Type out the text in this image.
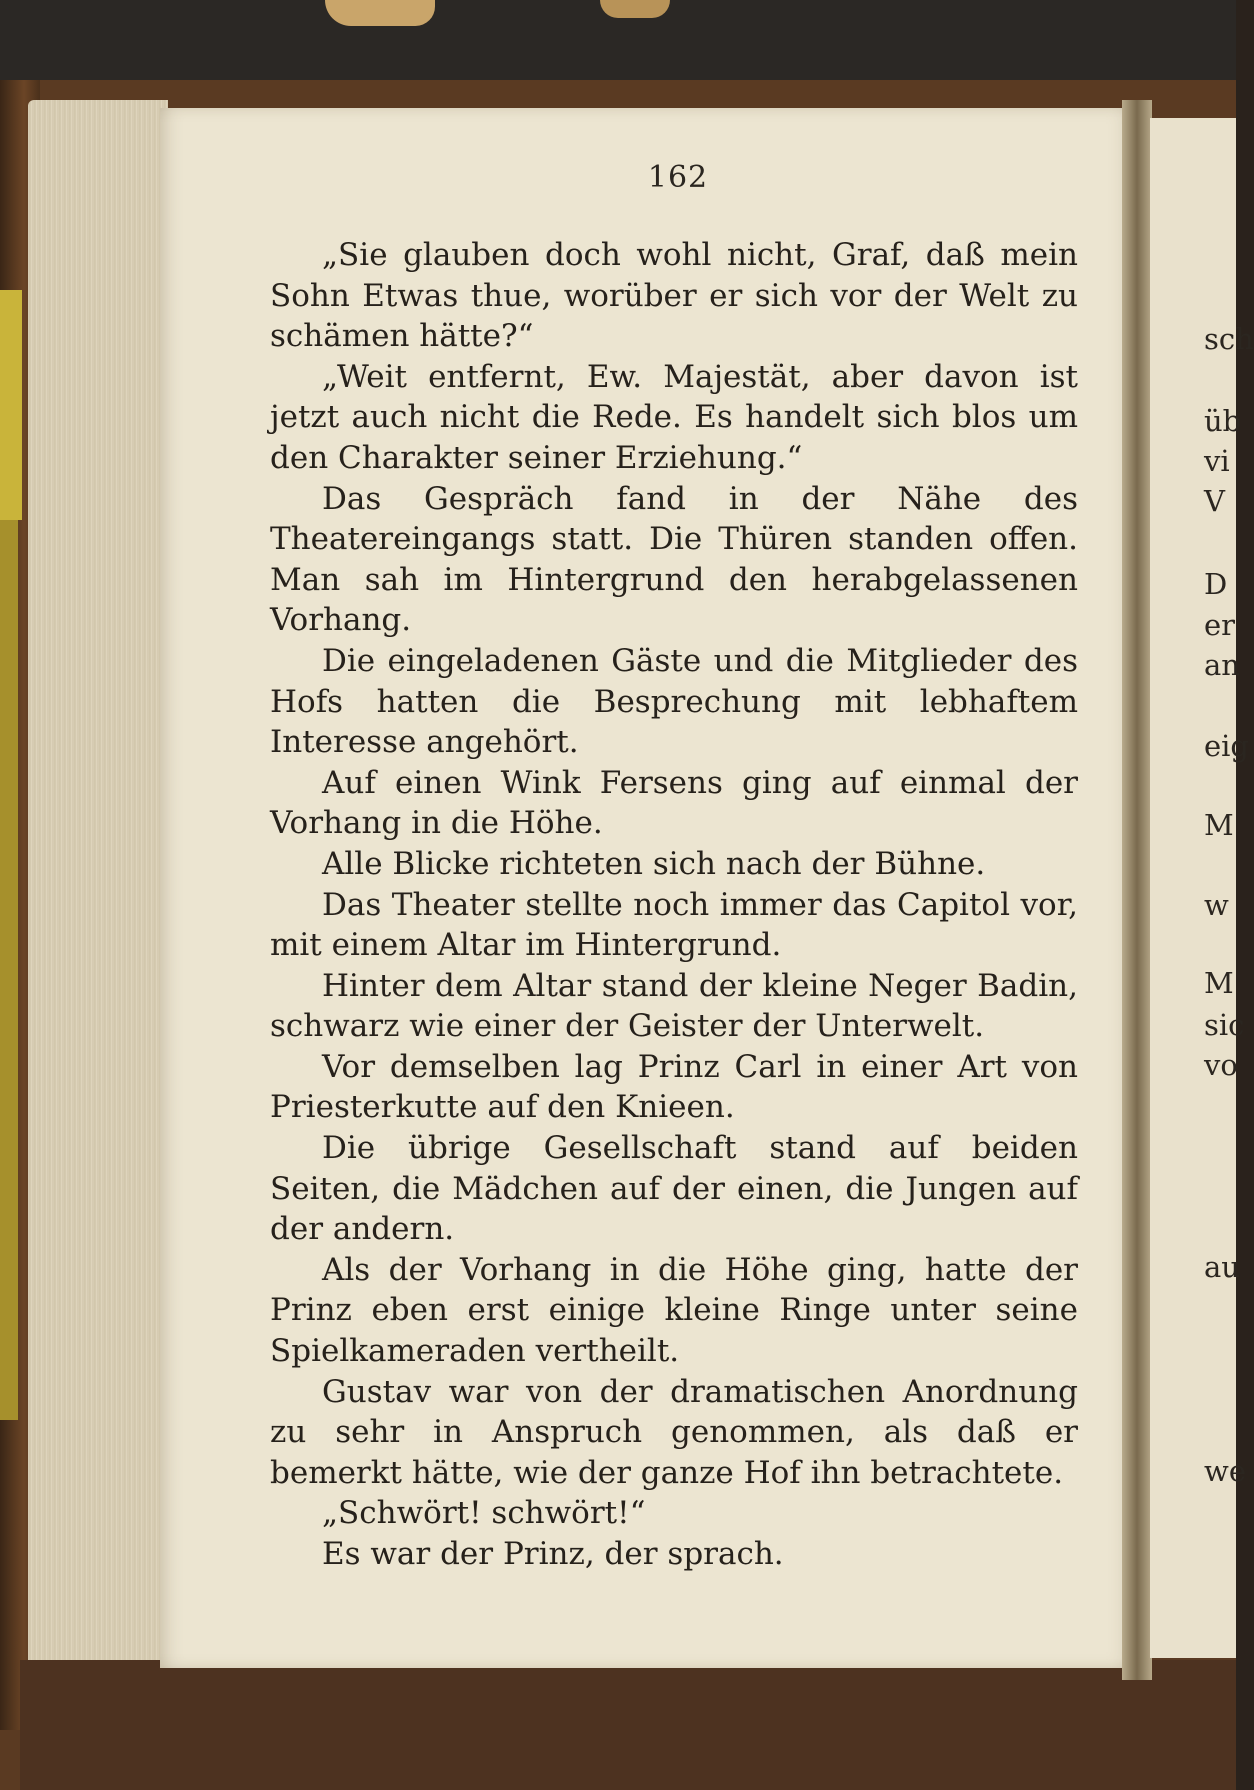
162

„Sie glauben doch wohl nicht, Graf, daß mein Sohn Etwas thue, worüber er sich vor der Welt zu schämen hätte?“

„Weit entfernt, Ew. Majestät, aber davon ist jetzt auch nicht die Rede. Es handelt sich blos um den Charakter seiner Erziehung.“

Das Gespräch fand in der Nähe des Theatereingangs statt. Die Thüren standen offen. Man sah im Hintergrund den herabgelassenen Vorhang.

Die eingeladenen Gäste und die Mitglieder des Hofs hatten die Besprechung mit lebhaftem Interesse angehört.

Auf einen Wink Fersens ging auf einmal der Vorhang in die Höhe.

Alle Blicke richteten sich nach der Bühne.

Das Theater stellte noch immer das Capitol vor, mit einem Altar im Hintergrund.

Hinter dem Altar stand der kleine Neger Badin, schwarz wie einer der Geister der Unterwelt.

Vor demselben lag Prinz Carl in einer Art von Priesterkutte auf den Knieen.

Die übrige Gesellschaft stand auf beiden Seiten, die Mädchen auf der einen, die Jungen auf der andern.

Als der Vorhang in die Höhe ging, hatte der Prinz eben erst einige kleine Ringe unter seine Spielkameraden vertheilt.

Gustav war von der dramatischen Anordnung zu sehr in Anspruch genommen, als daß er bemerkt hätte, wie der ganze Hof ihn betrachtete.

„Schwört! schwört!“

Es war der Prinz, der sprach.

sch
üb
vi
V
D
er
an
eig
M
w
M
sic
vo
au
we
